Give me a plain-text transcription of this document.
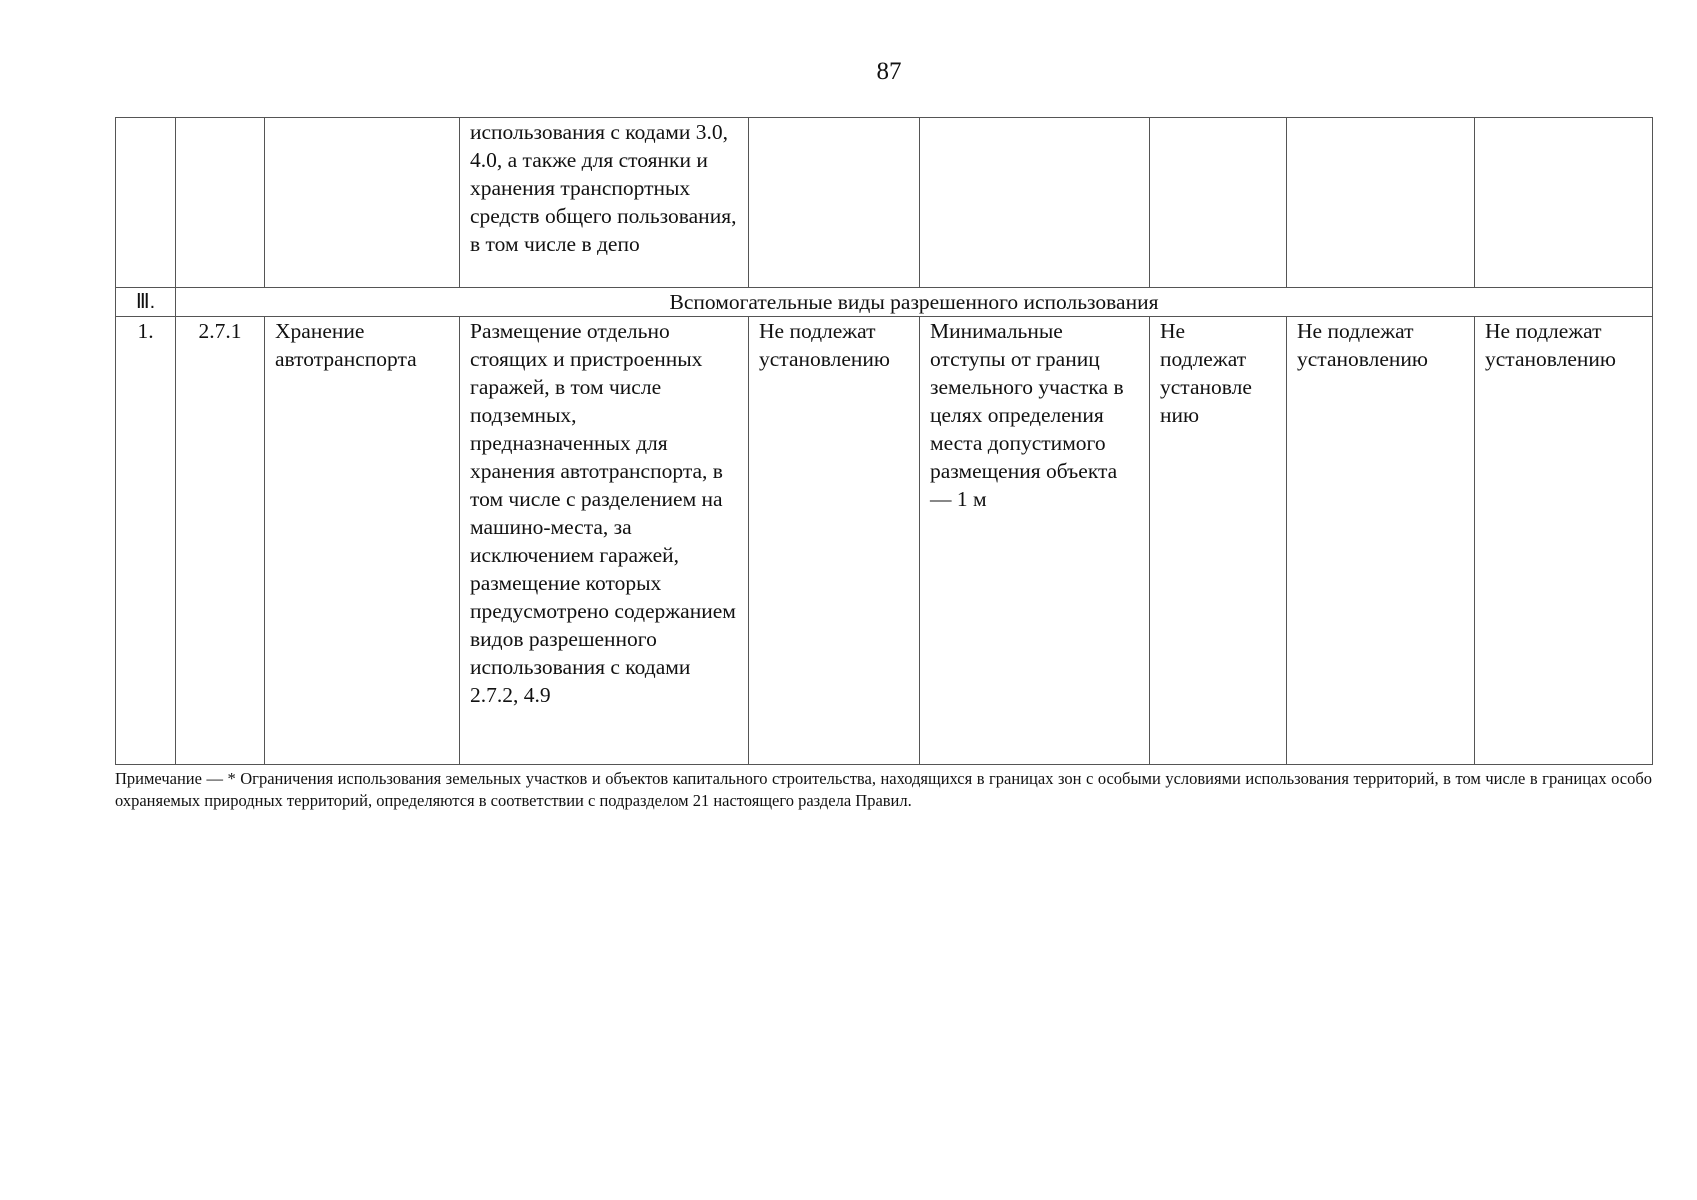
87
			использования с кодами 3.0, 4.0, а также для стоянки и хранения транспортных средств общего пользования, в том числе в депо					
Ⅲ.	Вспомогательные виды разрешенного использования							
1.	2.7.1	Хранение автотранспорта	Размещение отдельно стоящих и пристроенных гаражей, в том числе подземных, предназначенных для хранения автотранспорта, в том числе с разделением на машино-места, за исключением гаражей, размещение которых предусмотрено содержанием видов разрешенного использования с кодами 2.7.2, 4.9	Не подлежат установлению	Минимальные отступы от границ земельного участка в целях определения места допустимого размещения объекта — 1 м	Не подлежат установле нию	Не подлежат установлению	Не подлежат установлению
Примечание — * Ограничения использования земельных участков и объектов капитального строительства, находящихся в границах зон с особыми условиями использования территорий, в том числе в границах особо охраняемых природных территорий, определяются в соответствии с подразделом 21 настоящего раздела Правил.
